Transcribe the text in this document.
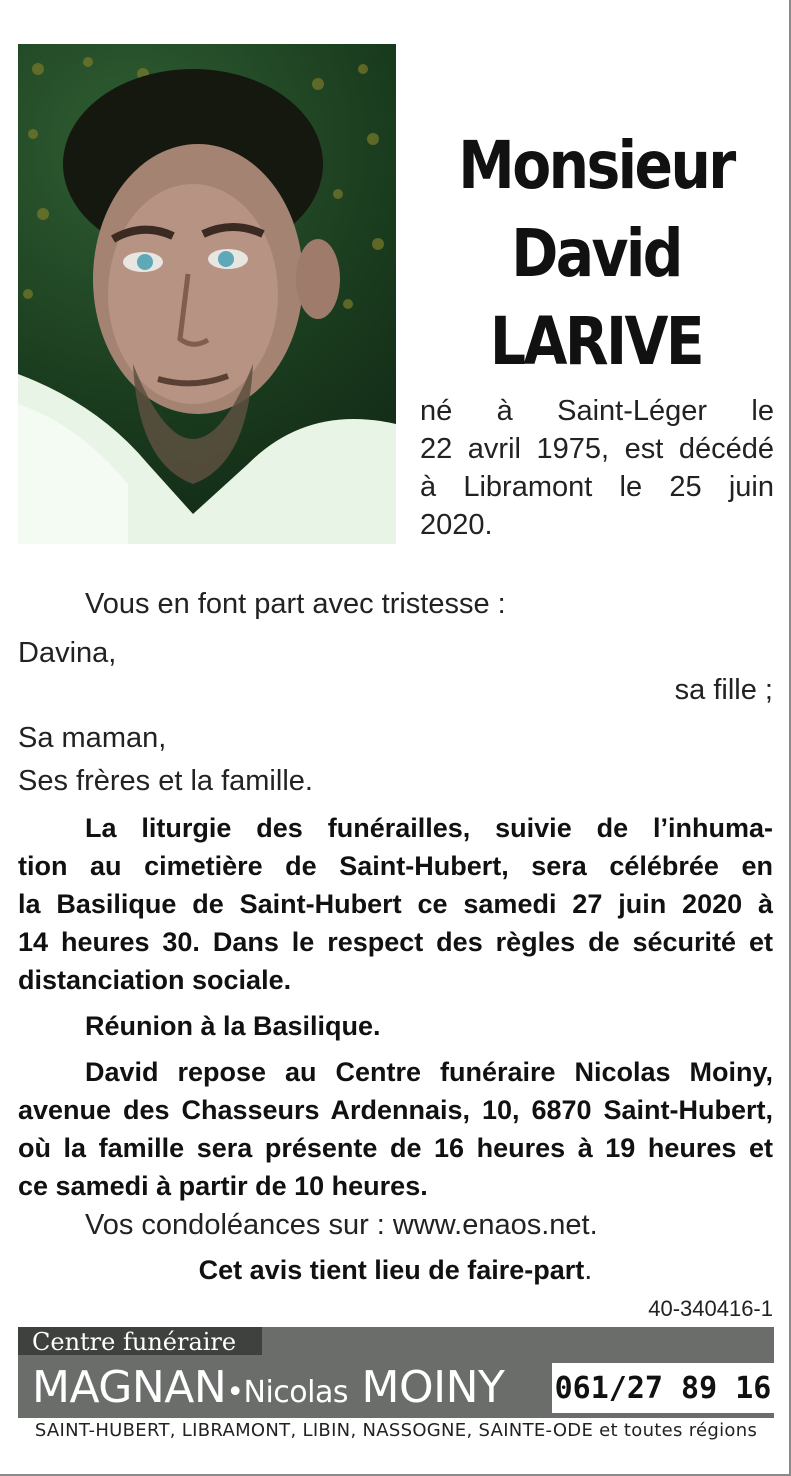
Monsieur
David
LARIVE
né à Saint-Léger le
22 avril 1975, est décédé
à Libramont le 25 juin
2020.
Vous en font part avec tristesse :
Davina,
sa fille ;
Sa maman,
Ses frères et la famille.
La liturgie des funérailles, suivie de l’inhuma-
tion au cimetière de Saint-Hubert, sera célébrée en
la Basilique de Saint-Hubert ce samedi 27 juin 2020 à
14 heures 30. Dans le respect des règles de sécurité et
distanciation sociale.
Réunion à la Basilique.
David repose au Centre funéraire Nicolas Moiny,
avenue des Chasseurs Ardennais, 10, 6870 Saint-Hubert,
où la famille sera présente de 16 heures à 19 heures et
ce samedi à partir de 10 heures.
Vos condoléances sur : www.enaos.net.
Cet avis tient lieu de faire-part.
40-340416-1
Centre funéraire
MAGNAN•Nicolas MOINY 061/27 89 16
SAINT-HUBERT, LIBRAMONT, LIBIN, NASSOGNE, SAINTE-ODE et toutes régions
